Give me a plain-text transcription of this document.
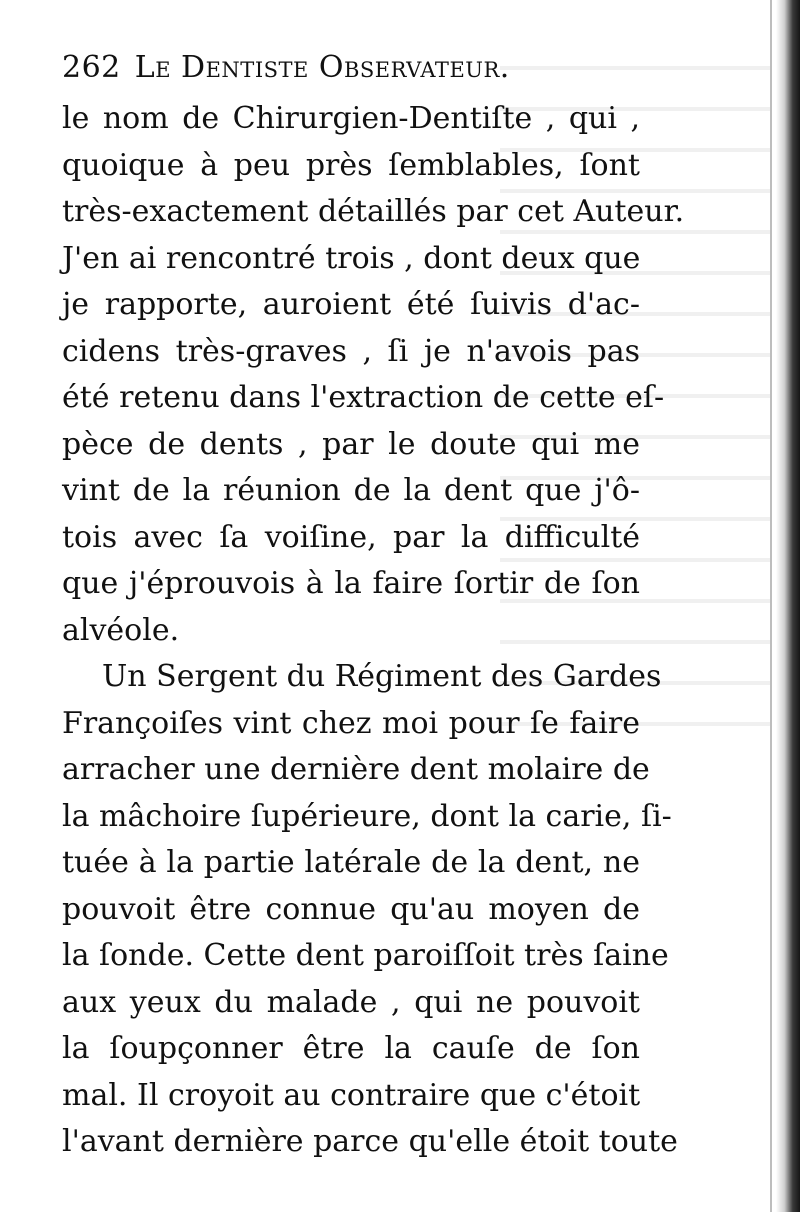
262 Le Dentiste Observateur.
le nom de Chirurgien-Dentiſte , qui ,
quoique à peu près ſemblables, ſont
très-exactement détaillés par cet Auteur.
J'en ai rencontré trois , dont deux que
je rapporte, auroient été ſuivis d'ac-
cidens très-graves , ſi je n'avois pas
été retenu dans l'extraction de cette eſ-
pèce de dents , par le doute qui me
vint de la réunion de la dent que j'ô-
tois avec ſa voiſine, par la difficulté
que j'éprouvois à la faire ſortir de ſon
alvéole.
Un Sergent du Régiment des Gardes
Françoiſes vint chez moi pour ſe faire
arracher une dernière dent molaire de
la mâchoire ſupérieure, dont la carie, ſi-
tuée à la partie latérale de la dent, ne
pouvoit être connue qu'au moyen de
la ſonde. Cette dent paroiſſoit très ſaine
aux yeux du malade , qui ne pouvoit
la ſoupçonner être la cauſe de ſon
mal. Il croyoit au contraire que c'étoit
l'avant dernière parce qu'elle étoit toute
